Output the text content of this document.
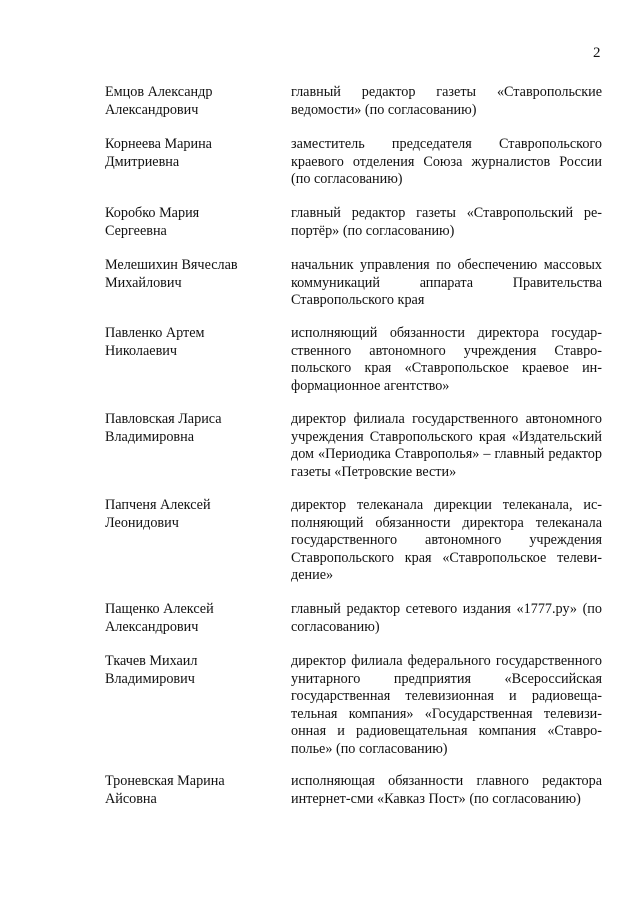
2
Емцов Александр
Александрович
главный редактор газеты «Ставропольские ведомости» (по согласованию)
Корнеева Марина
Дмитриевна
заместитель председателя Ставропольского краевого отделения Союза журналистов России (по согласованию)
Коробко Мария
Сергеевна
главный редактор газеты «Ставропольский репортёр» (по согласованию)
Мелешихин Вячеслав
Михайлович
начальник управления по обеспечению массовых коммуникаций аппарата Правительства Ставропольского края
Павленко Артем
Николаевич
исполняющий обязанности директора государственного автономного учреждения Ставропольского края «Ставропольское краевое информационное агентство»
Павловская Лариса
Владимировна
директор филиала государственного автономного учреждения Ставропольского края «Издательский дом «Периодика Ставрополья» – главный редактор газеты «Петровские вести»
Папченя Алексей
Леонидович
директор телеканала дирекции телеканала, исполняющий обязанности директора телеканала государственного автономного учреждения Ставропольского края «Ставропольское телевидение»
Пащенко Алексей
Александрович
главный редактор сетевого издания «1777.ру» (по согласованию)
Ткачев Михаил
Владимирович
директор филиала федерального государственного унитарного предприятия «Всероссийская государственная телевизионная и радиовещательная компания» «Государственная телевизионная и радиовещательная компания «Ставрополье» (по согласованию)
Троневская Марина
Айсовна
исполняющая обязанности главного редактора интернет-сми «Кавказ Пост» (по согласованию)
